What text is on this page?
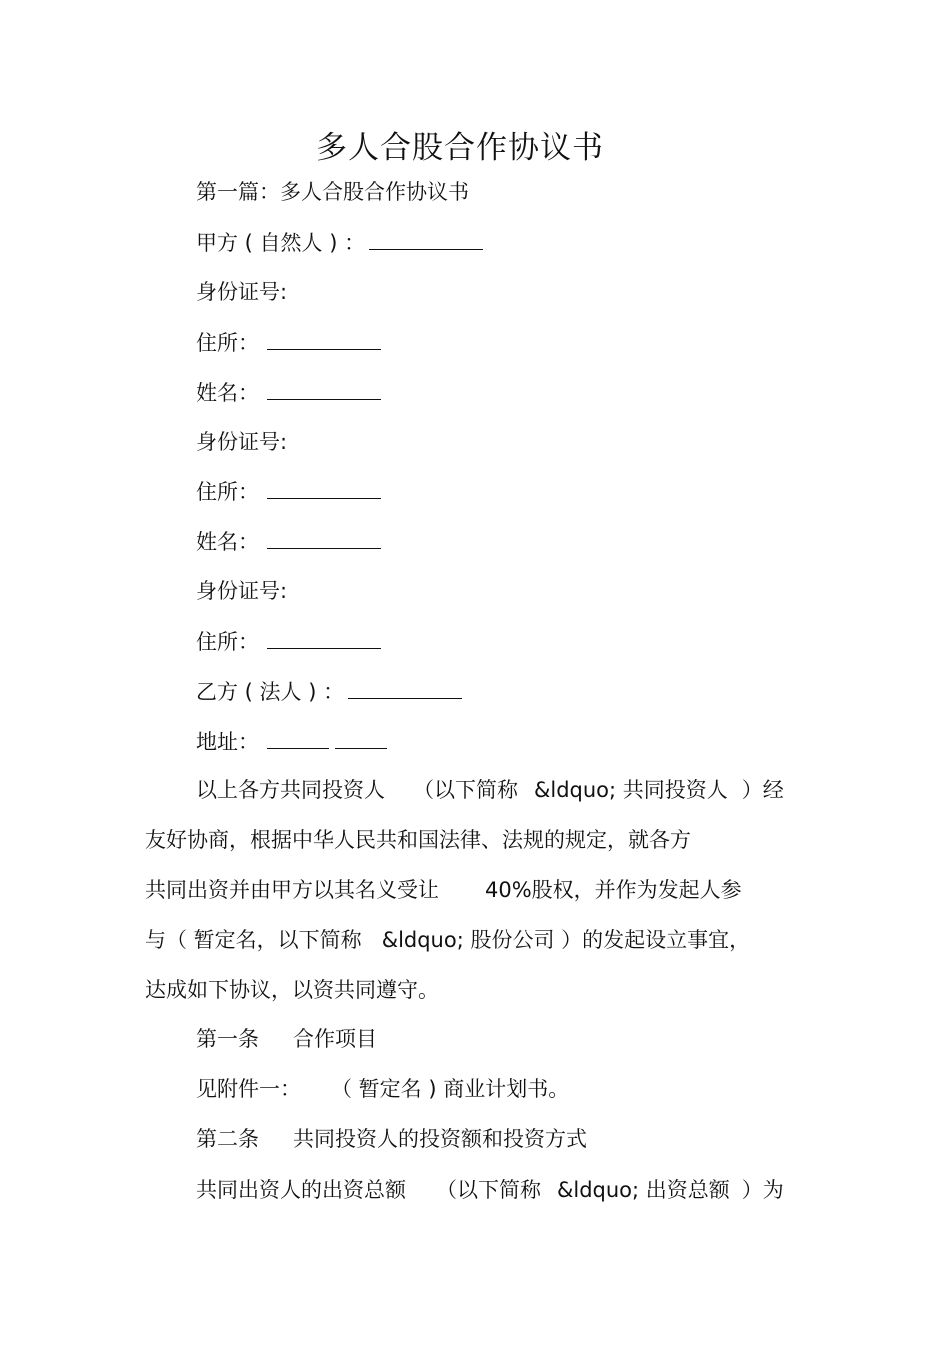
多人合股合作协议书
第一篇：多人合股合作协议书
甲方 ( 自然人 ) ：
身份证号:
住所：
姓名：
身份证号:
住所：
姓名：
身份证号:
住所：
乙方 ( 法人 ) ：
地址：
以上各方共同投资人 （以下简称 &ldquo; 共同投资人 ）经
友好协商，根据中华人民共和国法律、法规的规定，就各方
共同出资并由甲方以其名义受让 40%股权，并作为发起人参
与（ 暂定名，以下简称 &ldquo; 股份公司 ）的发起设立事宜，
达成如下协议，以资共同遵守。
第一条 合作项目
见附件一： （ 暂定名 ) 商业计划书。
第二条 共同投资人的投资额和投资方式
共同出资人的出资总额 （以下简称 &ldquo; 出资总额 ）为
